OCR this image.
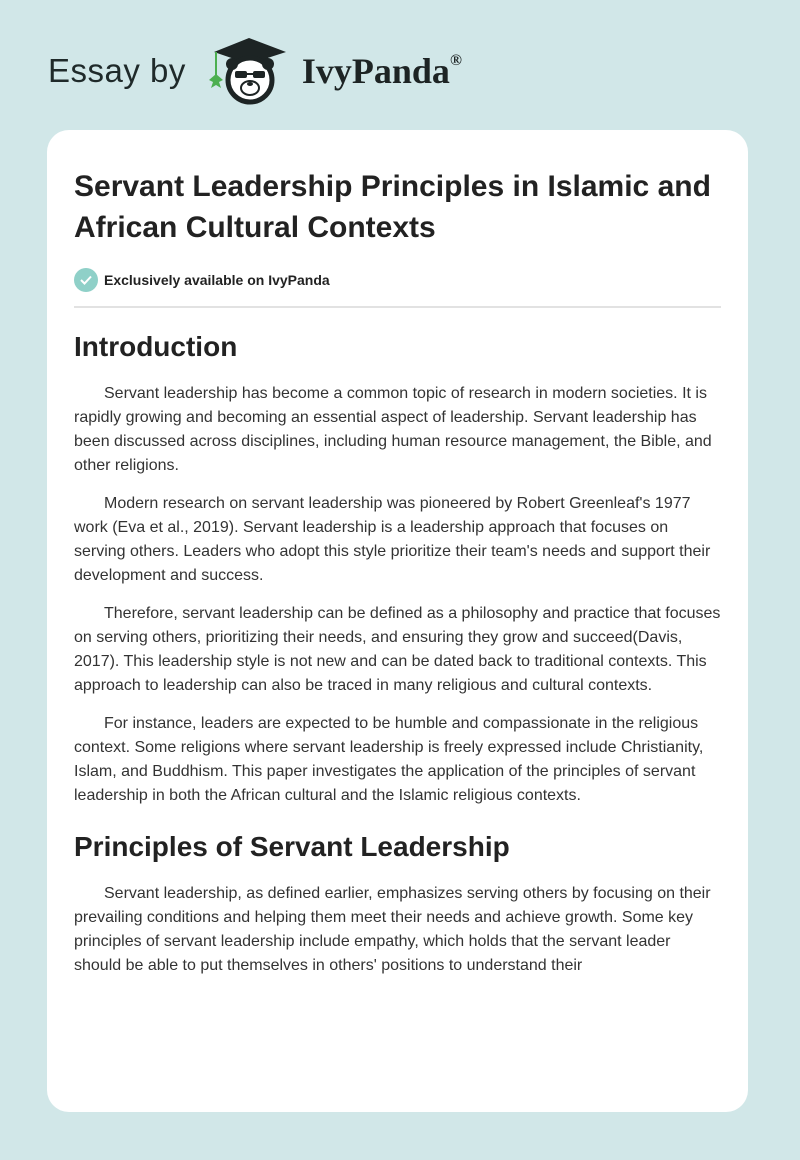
Essay by	IvyPanda®
Servant Leadership Principles in Islamic and African Cultural Contexts
Exclusively available on IvyPanda
Introduction

Servant leadership has become a common topic of research in modern societies. It is rapidly growing and becoming an essential aspect of leadership. Servant leadership has been discussed across disciplines, including human resource management, the Bible, and other religions.

Modern research on servant leadership was pioneered by Robert Greenleaf's 1977 work (Eva et al., 2019). Servant leadership is a leadership approach that focuses on serving others. Leaders who adopt this style prioritize their team's needs and support their development and success.

Therefore, servant leadership can be defined as a philosophy and practice that focuses on serving others, prioritizing their needs, and ensuring they grow and succeed(Davis, 2017). This leadership style is not new and can be dated back to traditional contexts. This approach to leadership can also be traced in many religious and cultural contexts.

For instance, leaders are expected to be humble and compassionate in the religious context. Some religions where servant leadership is freely expressed include Christianity, Islam, and Buddhism. This paper investigates the application of the principles of servant leadership in both the African cultural and the Islamic religious contexts.

Principles of Servant Leadership

Servant leadership, as defined earlier, emphasizes serving others by focusing on their prevailing conditions and helping them meet their needs and achieve growth. Some key principles of servant leadership include empathy, which holds that the servant leader should be able to put themselves in others' positions to understand their
